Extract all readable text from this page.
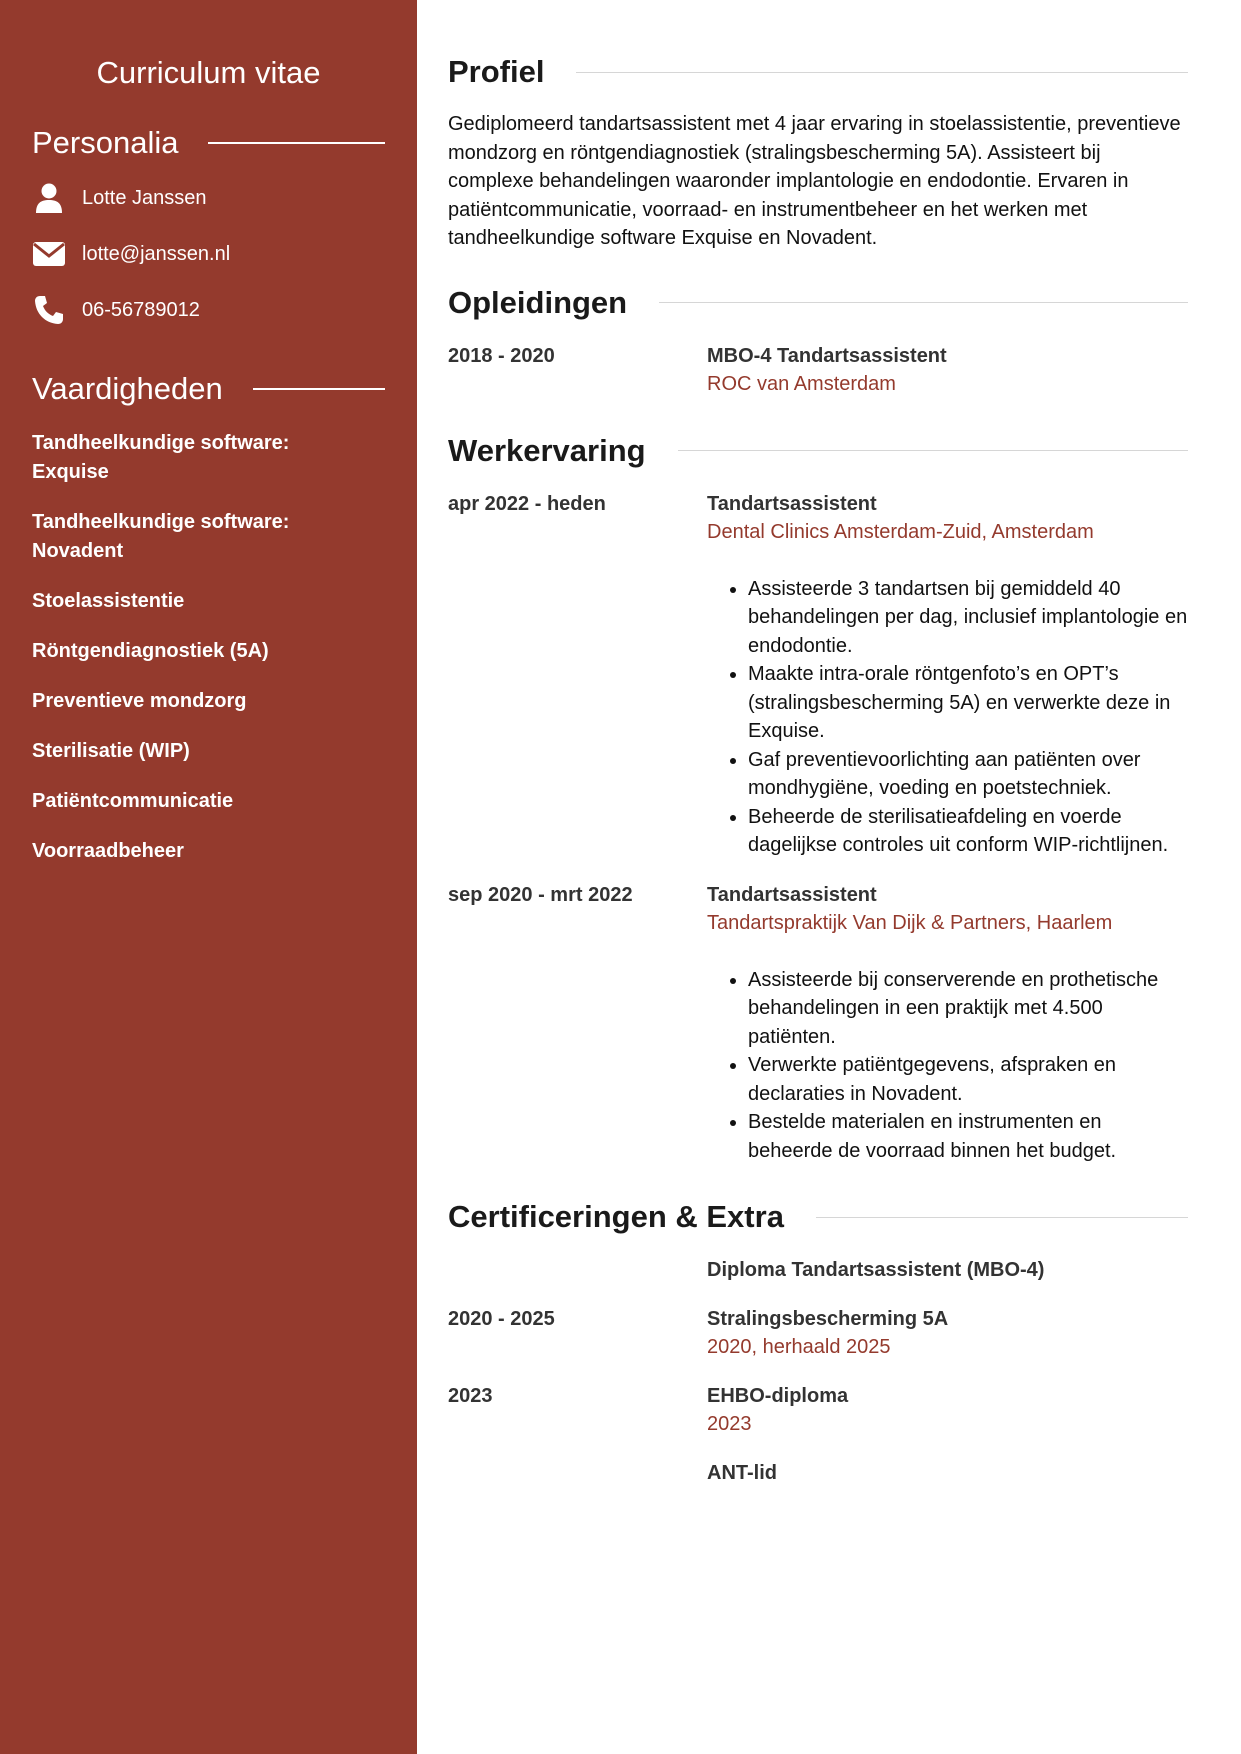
Curriculum vitae
Personalia
Lotte Janssen
lotte@janssen.nl
06-56789012
Vaardigheden
Tandheelkundige software: Exquise
Tandheelkundige software: Novadent
Stoelassistentie
Röntgendiagnostiek (5A)
Preventieve mondzorg
Sterilisatie (WIP)
Patiëntcommunicatie
Voorraadbeheer
Profiel

Gediplomeerd tandartsassistent met 4 jaar ervaring in stoelassistentie, preventieve mondzorg en röntgendiagnostiek (stralingsbescherming 5A). Assisteert bij complexe behandelingen waaronder implantologie en endodontie. Ervaren in patiëntcommunicatie, voorraad- en instrumentbeheer en het werken met tandheelkundige software Exquise en Novadent.

Opleidingen
2018 - 2020	MBO-4 Tandartsassistent
ROC van Amsterdam
Werkervaring
apr 2022 - heden	Tandartsassistent
Dental Clinics Amsterdam-Zuid, Amsterdam
• Assisteerde 3 tandartsen bij gemiddeld 40 behandelingen per dag, inclusief implantologie en endodontie.
• Maakte intra-orale röntgenfoto’s en OPT’s (stralingsbescherming 5A) en verwerkte deze in Exquise.
• Gaf preventievoorlichting aan patiënten over mondhygiëne, voeding en poetstechniek.
• Beheerde de sterilisatieafdeling en voerde dagelijkse controles uit conform WIP-richtlijnen.
sep 2020 - mrt 2022	Tandartsassistent
Tandartspraktijk Van Dijk & Partners, Haarlem
• Assisteerde bij conserverende en prothetische behandelingen in een praktijk met 4.500 patiënten.
• Verwerkte patiëntgegevens, afspraken en declaraties in Novadent.
• Bestelde materialen en instrumenten en beheerde de voorraad binnen het budget.
Certificeringen & Extra
Diploma Tandartsassistent (MBO-4)
2020 - 2025	Stralingsbescherming 5A
2020, herhaald 2025
2023	EHBO-diploma
2023
ANT-lid
